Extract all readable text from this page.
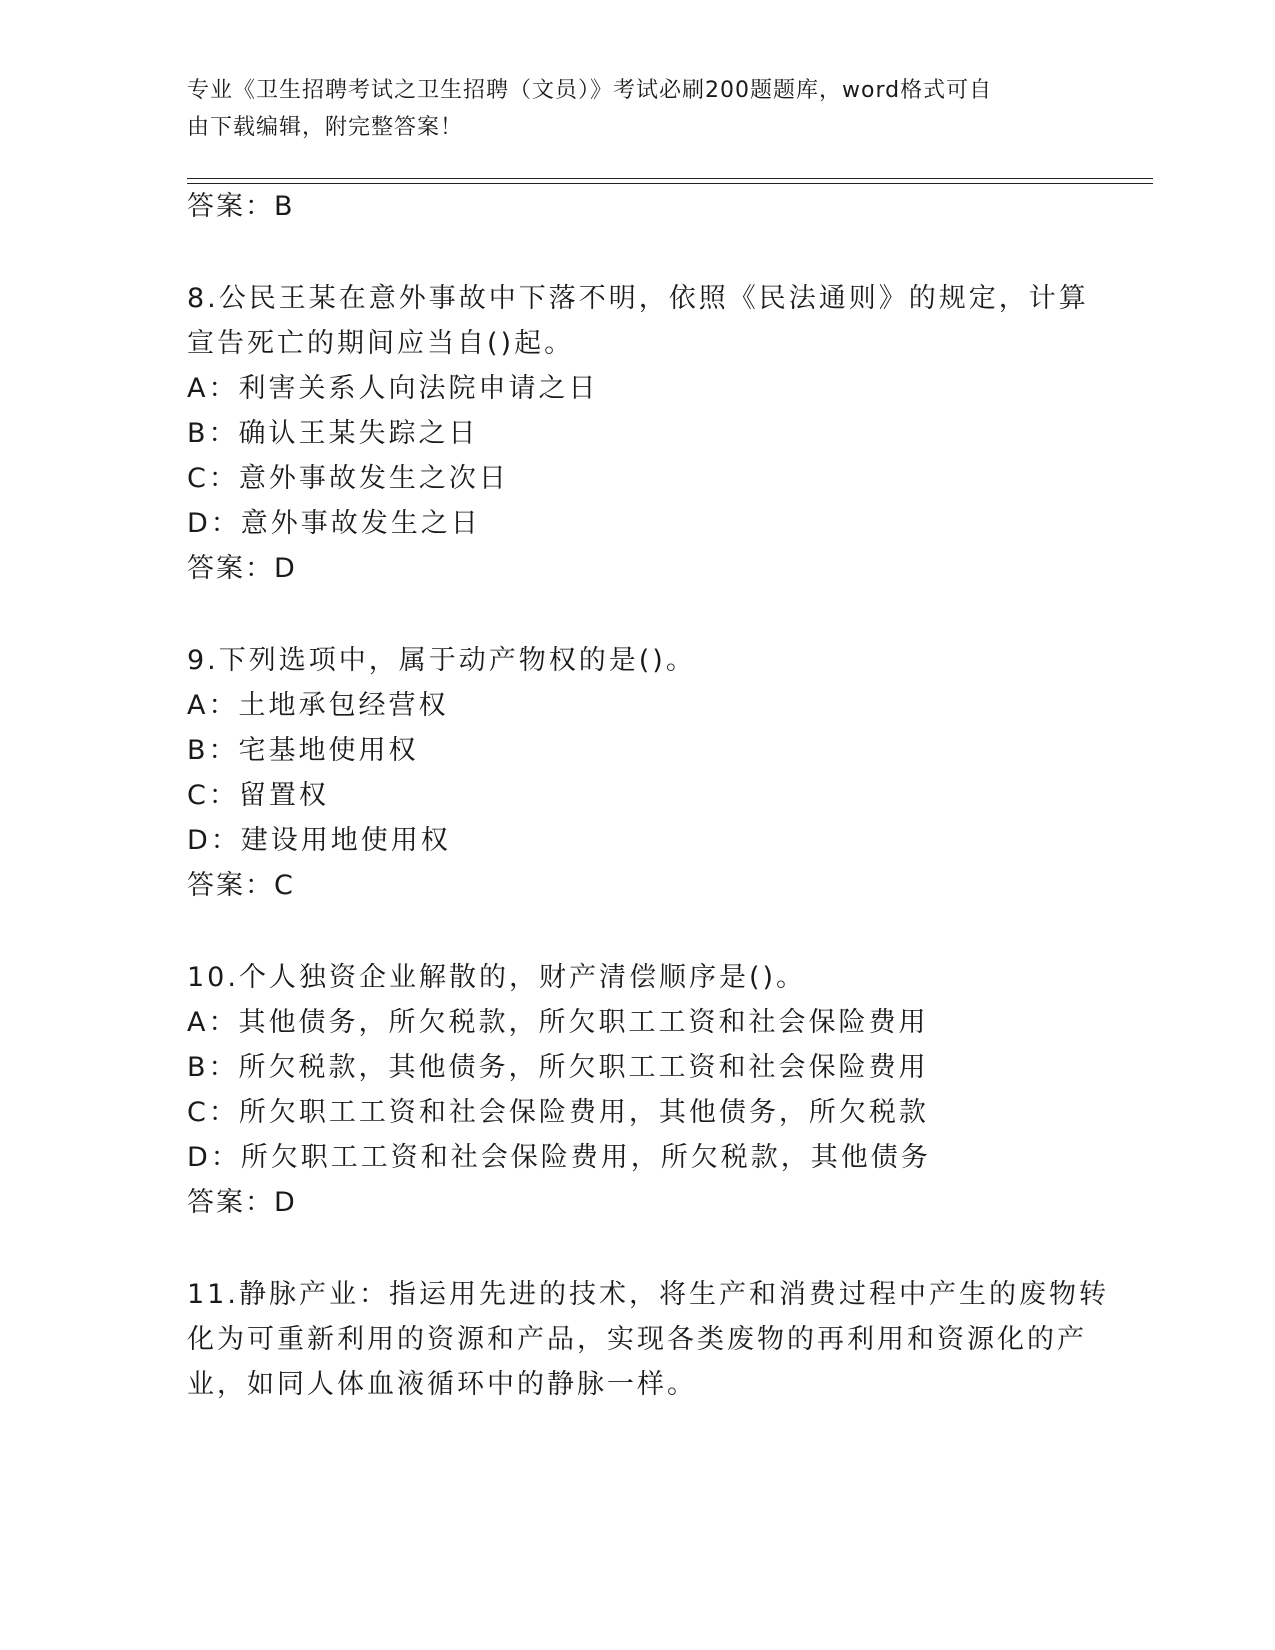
专业《卫生招聘考试之卫生招聘（文员）》考试必刷200题题库，word格式可自
由下载编辑，附完整答案！
答案：B
8.公民王某在意外事故中下落不明，依照《民法通则》的规定，计算
宣告死亡的期间应当自()起。
A：利害关系人向法院申请之日
B：确认王某失踪之日
C：意外事故发生之次日
D：意外事故发生之日
答案：D
9.下列选项中，属于动产物权的是()。
A：土地承包经营权
B：宅基地使用权
C：留置权
D：建设用地使用权
答案：C
10.个人独资企业解散的，财产清偿顺序是()。
A：其他债务，所欠税款，所欠职工工资和社会保险费用
B：所欠税款，其他债务，所欠职工工资和社会保险费用
C：所欠职工工资和社会保险费用，其他债务，所欠税款
D：所欠职工工资和社会保险费用，所欠税款，其他债务
答案：D
11.静脉产业：指运用先进的技术，将生产和消费过程中产生的废物转
化为可重新利用的资源和产品，实现各类废物的再利用和资源化的产
业，如同人体血液循环中的静脉一样。
